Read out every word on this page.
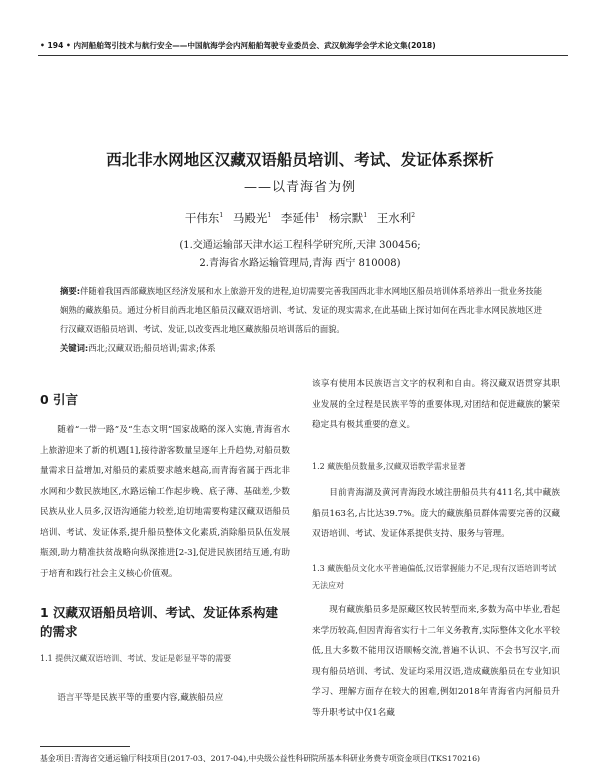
• 194 • 内河船舶驾引技术与航行安全——中国航海学会内河船舶驾驶专业委员会、武汉航海学会学术论文集(2018)
西北非水网地区汉藏双语船员培训、考试、发证体系探析
——以青海省为例
干伟东$^1$ 马殿光$^1$ 李延伟$^1$ 杨宗默$^1$ 王水利$^2$
(1.交通运输部天津水运工程科学研究所,天津 300456;
2.青海省水路运输管理局,青海 西宁 810008)

摘要:伴随着我国西部藏族地区经济发展和水上旅游开发的进程,迫切需要完善我国西北非水网地区船员培训体系培养出一批业务技能娴熟的藏族船员。通过分析目前西北地区船员汉藏双语培训、考试、发证的现实需求,在此基础上探讨如何在西北非水网民族地区进行汉藏双语船员培训、考试、发证,以改变西北地区藏族船员培训落后的面貌。

关键词:西北;汉藏双语;船员培训;需求;体系

0 引言

随着“一带一路”及“生态文明”国家战略的深入实施,青海省水上旅游迎来了新的机遇[1],接待游客数量呈逐年上升趋势,对船员数量需求日益增加,对船员的素质要求越来越高,而青海省属于西北非水网和少数民族地区,水路运输工作起步晚、底子薄、基础差,少数民族从业人员多,汉语沟通能力较差,迫切地需要构建汉藏双语船员培训、考试、发证体系,提升船员整体文化素质,消除船员队伍发展瓶颈,助力精准扶贫战略向纵深推进[2-3],促进民族团结互通,有助于培育和践行社会主义核心价值观。

1 汉藏双语船员培训、考试、发证体系构建的需求
1.1 提供汉藏双语培训、考试、发证是彰显平等的需要

语言平等是民族平等的重要内容,藏族船员应

该享有使用本民族语言文字的权利和自由。将汉藏双语贯穿其职业发展的全过程是民族平等的重要体现,对团结和促进藏族的繁荣稳定具有极其重要的意义。

1.2 藏族船员数量多,汉藏双语教学需求显著

目前青海湖及黄河青海段水域注册船员共有411名,其中藏族船员163名,占比达39.7%。庞大的藏族船员群体需要完善的汉藏双语培训、考试、发证体系提供支持、服务与管理。

1.3 藏族船员文化水平普遍偏低,汉语掌握能力不足,现有汉语培训考试无法应对

现有藏族船员多是原藏区牧民转型而来,多数为高中毕业,看起来学历较高,但因青海省实行十二年义务教育,实际整体文化水平较低,且大多数不能用汉语顺畅交流,普遍不认识、不会书写汉字,而现有船员培训、考试、发证均采用汉语,造成藏族船员在专业知识学习、理解方面存在较大的困难,例如2018年青海省内河船员升等升职考试中仅1名藏

基金项目:青海省交通运输厅科技项目(2017-03、2017-04),中央级公益性科研院所基本科研业务费专项资金项目(TKS170216)
